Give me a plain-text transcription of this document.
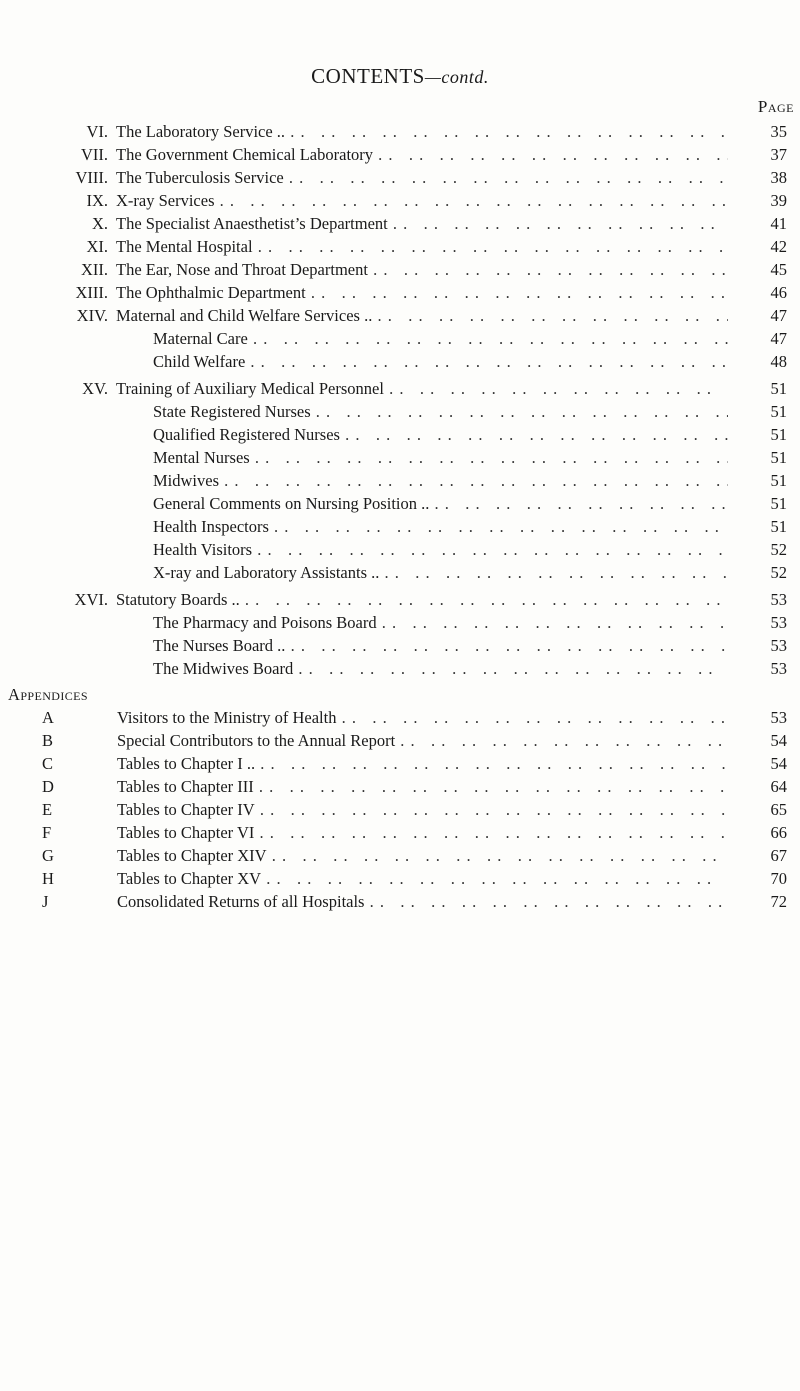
CONTENTS—contd.
Page
VI. The Laboratory Service .. . .	35
VII. The Government Chemical Laboratory . .	37
VIII. The Tuberculosis Service . .	38
IX. X-ray Services . .	39
X. The Specialist Anaesthetist’s Department . .	41
XI. The Mental Hospital . .	42
XII. The Ear, Nose and Throat Department . .	45
XIII. The Ophthalmic Department . .	46
XIV. Maternal and Child Welfare Services .. . .	47
Maternal Care . .	47
Child Welfare . .	48
XV. Training of Auxiliary Medical Personnel . .	51
State Registered Nurses . .	51
Qualified Registered Nurses . .	51
Mental Nurses . .	51
Midwives . .	51
General Comments on Nursing Position .. . .	51
Health Inspectors . .	51
Health Visitors . .	52
X-ray and Laboratory Assistants .. . .	52
XVI. Statutory Boards .. . .	53
The Pharmacy and Poisons Board . .	53
The Nurses Board .. . .	53
The Midwives Board . .	53
Appendices
A	Visitors to the Ministry of Health . .	53
B	Special Contributors to the Annual Report . .	54
C	Tables to Chapter I .. . .	54
D	Tables to Chapter III . .	64
E	Tables to Chapter IV . .	65
F	Tables to Chapter VI . .	66
G	Tables to Chapter XIV . .	67
H	Tables to Chapter XV . .	70
J	Consolidated Returns of all Hospitals . .	72
